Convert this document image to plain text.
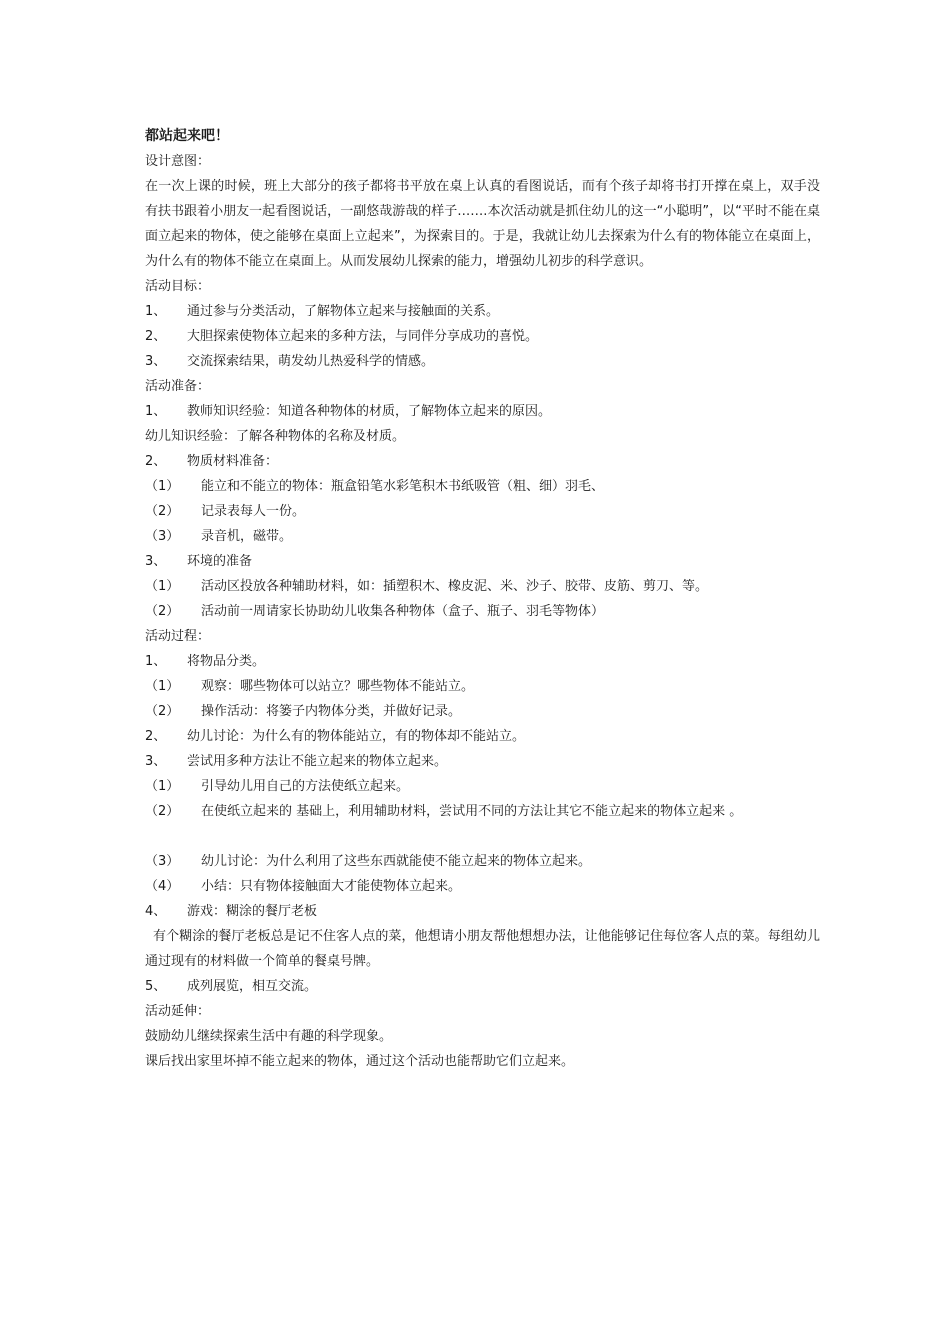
都站起来吧！
设计意图：
在一次上课的时候，班上大部分的孩子都将书平放在桌上认真的看图说话，而有个孩子却将书打开撑在桌上，双手没有扶书跟着小朋友一起看图说话，一副悠哉游哉的样子…….本次活动就是抓住幼儿的这一“小聪明”，以“平时不能在桌面立起来的物体，使之能够在桌面上立起来”，为探索目的。于是，我就让幼儿去探索为什么有的物体能立在桌面上，为什么有的物体不能立在桌面上。从而发展幼儿探索的能力，增强幼儿初步的科学意识。
活动目标：
1、 通过参与分类活动，了解物体立起来与接触面的关系。
2、 大胆探索使物体立起来的多种方法，与同伴分享成功的喜悦。
3、 交流探索结果，萌发幼儿热爱科学的情感。
活动准备：
1、 教师知识经验：知道各种物体的材质，了解物体立起来的原因。
幼儿知识经验：了解各种物体的名称及材质。
2、 物质材料准备：
（1） 能立和不能立的物体：瓶盒铅笔水彩笔积木书纸吸管（粗、细）羽毛、
（2） 记录表每人一份。
（3） 录音机，磁带。
3、 环境的准备
（1） 活动区投放各种辅助材料，如：插塑积木、橡皮泥、米、沙子、胶带、皮筋、剪刀、等。
（2） 活动前一周请家长协助幼儿收集各种物体（盒子、瓶子、羽毛等物体）
活动过程：
1、 将物品分类。
（1） 观察：哪些物体可以站立？哪些物体不能站立。
（2） 操作活动：将篓子内物体分类，并做好记录。
2、 幼儿讨论：为什么有的物体能站立，有的物体却不能站立。
3、 尝试用多种方法让不能立起来的物体立起来。
（1） 引导幼儿用自己的方法使纸立起来。
（2） 在使纸立起来的 基础上，利用辅助材料，尝试用不同的方法让其它不能立起来的物体立起来 。
（3） 幼儿讨论：为什么利用了这些东西就能使不能立起来的物体立起来。
（4） 小结：只有物体接触面大才能使物体立起来。
4、 游戏：糊涂的餐厅老板
有个糊涂的餐厅老板总是记不住客人点的菜，他想请小朋友帮他想想办法，让他能够记住每位客人点的菜。每组幼儿通过现有的材料做一个简单的餐桌号牌。
5、 成列展览，相互交流。
活动延伸：
鼓励幼儿继续探索生活中有趣的科学现象。
课后找出家里坏掉不能立起来的物体，通过这个活动也能帮助它们立起来。
